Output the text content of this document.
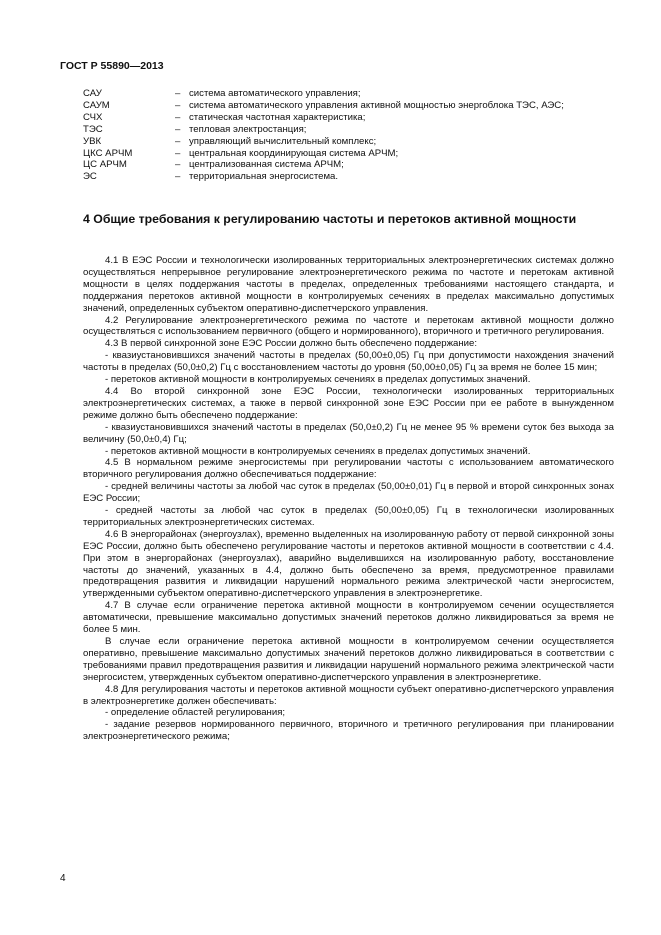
ГОСТ Р 55890—2013
САУ	– система автоматического управления;
САУМ	– система автоматического управления активной мощностью энергоблока ТЭС, АЭС;
СЧХ	– статическая частотная характеристика;
ТЭС	– тепловая электростанция;
УВК	– управляющий вычислительный комплекс;
ЦКС АРЧМ	– центральная координирующая система АРЧМ;
ЦС АРЧМ	– централизованная система АРЧМ;
ЭС	– территориальная энергосистема.
4 Общие требования к регулированию частоты и перетоков активной мощности

4.1 В ЕЭС России и технологически изолированных территориальных электроэнергетических системах должно осуществляться непрерывное регулирование электроэнергетического режима по частоте и перетокам активной мощности в целях поддержания частоты в пределах, определенных требованиями настоящего стандарта, и поддержания перетоков активной мощности в контролируемых сечениях в пределах максимально допустимых значений, определенных субъектом оперативно-диспетчерского управления.

4.2 Регулирование электроэнергетического режима по частоте и перетокам активной мощности должно осуществляться с использованием первичного (общего и нормированного), вторичного и третичного регулирования.

4.3 В первой синхронной зоне ЕЭС России должно быть обеспечено поддержание:

- квазиустановившихся значений частоты в пределах (50,00±0,05) Гц при допустимости нахождения значений частоты в пределах (50,0±0,2) Гц с восстановлением частоты до уровня (50,00±0,05) Гц за время не более 15 мин;

- перетоков активной мощности в контролируемых сечениях в пределах допустимых значений.

4.4 Во второй синхронной зоне ЕЭС России, технологически изолированных территориальных электроэнергетических системах, а также в первой синхронной зоне ЕЭС России при ее работе в вынужденном режиме должно быть обеспечено поддержание:

- квазиустановившихся значений частоты в пределах (50,0±0,2) Гц не менее 95 % времени суток без выхода за величину (50,0±0,4) Гц;

- перетоков активной мощности в контролируемых сечениях в пределах допустимых значений.

4.5 В нормальном режиме энергосистемы при регулировании частоты с использованием автоматического вторичного регулирования должно обеспечиваться поддержание:

- средней величины частоты за любой час суток в пределах (50,00±0,01) Гц в первой и второй синхронных зонах ЕЭС России;

- средней частоты за любой час суток в пределах (50,00±0,05) Гц в технологически изолированных территориальных электроэнергетических системах.

4.6 В энергорайонах (энергоузлах), временно выделенных на изолированную работу от первой синхронной зоны ЕЭС России, должно быть обеспечено регулирование частоты и перетоков активной мощности в соответствии с 4.4. При этом в энергорайонах (энергоузлах), аварийно выделившихся на изолированную работу, восстановление частоты до значений, указанных в 4.4, должно быть обеспечено за время, предусмотренное правилами предотвращения развития и ликвидации нарушений нормального режима электрической части энергосистем, утвержденными субъектом оперативно-диспетчерского управления в электроэнергетике.

4.7 В случае если ограничение перетока активной мощности в контролируемом сечении осуществляется автоматически, превышение максимально допустимых значений перетоков должно ликвидироваться за время не более 5 мин.

В случае если ограничение перетока активной мощности в контролируемом сечении осуществляется оперативно, превышение максимально допустимых значений перетоков должно ликвидироваться в соответствии с требованиями правил предотвращения развития и ликвидации нарушений нормального режима электрической части энергосистем, утвержденных субъектом оперативно-диспетчерского управления в электроэнергетике.

4.8 Для регулирования частоты и перетоков активной мощности субъект оперативно-диспетчерского управления в электроэнергетике должен обеспечивать:

- определение областей регулирования;

- задание резервов нормированного первичного, вторичного и третичного регулирования при планировании электроэнергетического режима;

4
